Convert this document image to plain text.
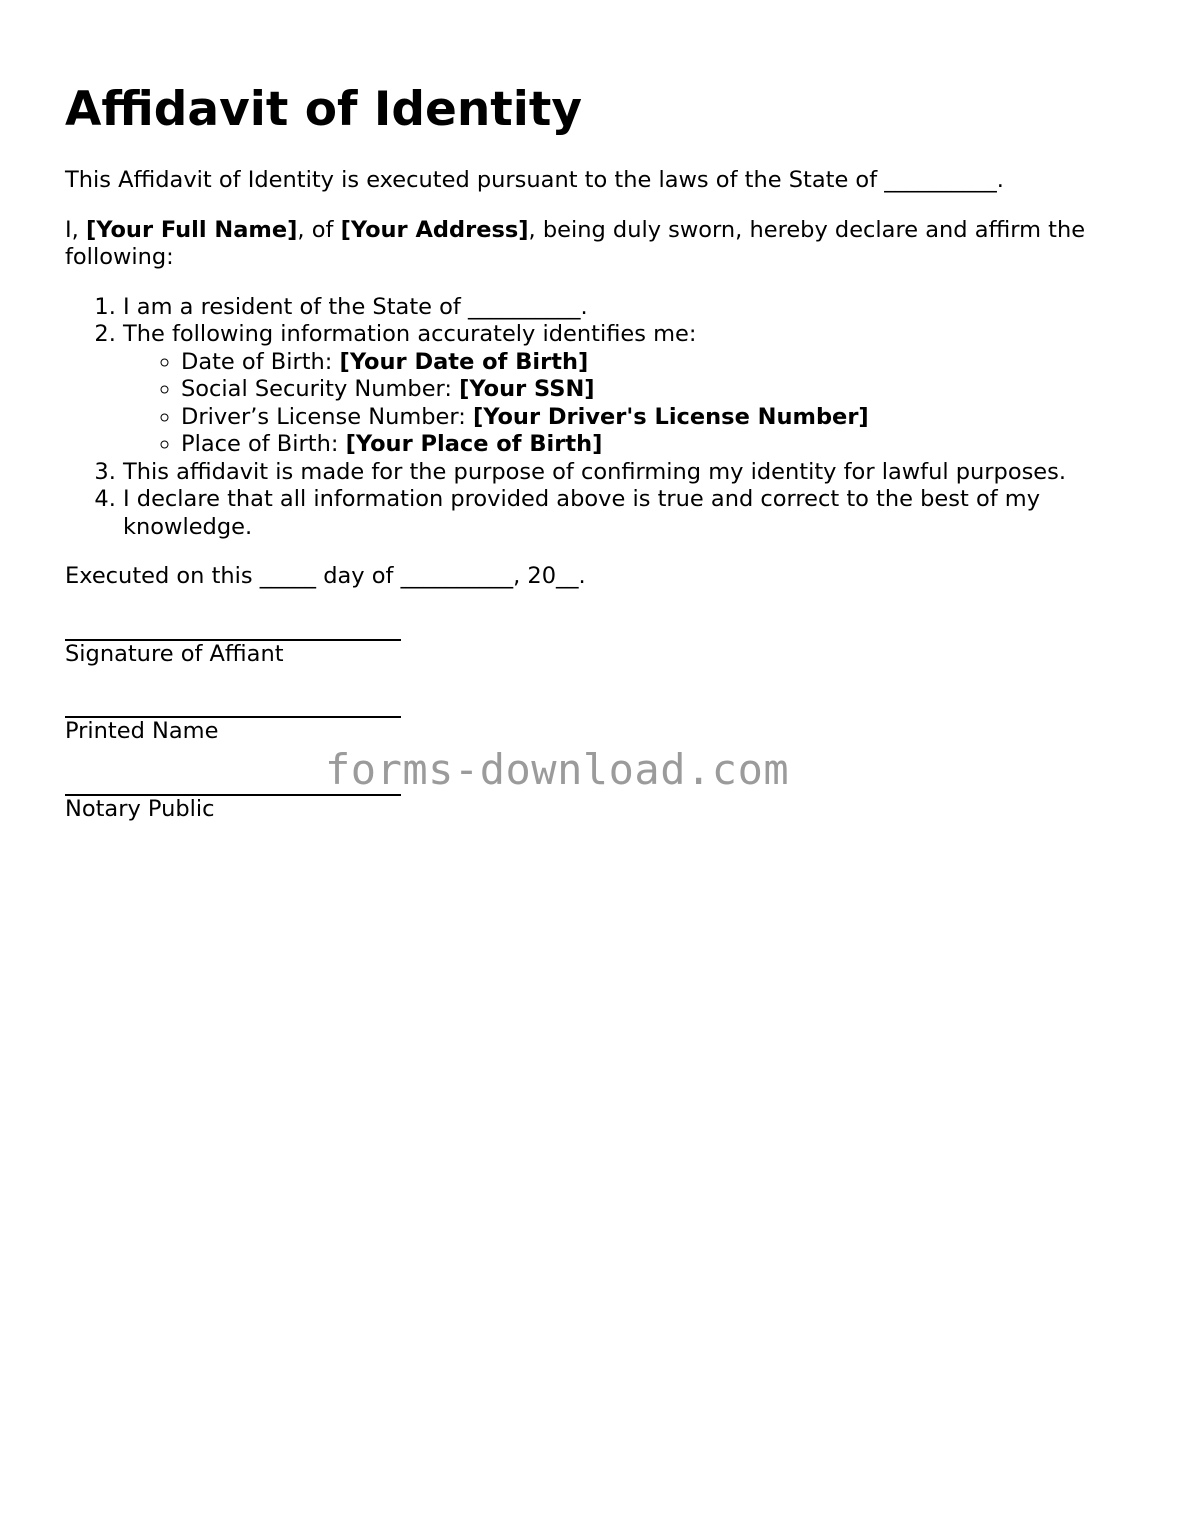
Affidavit of Identity

This Affidavit of Identity is executed pursuant to the laws of the State of __________.

I, [Your Full Name], of [Your Address], being duly sworn, hereby declare and affirm the following:

1. I am a resident of the State of __________.
2. The following information accurately identifies me:
◦ Date of Birth: [Your Date of Birth]
◦ Social Security Number: [Your SSN]
◦ Driver’s License Number: [Your Driver's License Number]
◦ Place of Birth: [Your Place of Birth]
3. This affidavit is made for the purpose of confirming my identity for lawful purposes.
4. I declare that all information provided above is true and correct to the best of my knowledge.

Executed on this _____ day of __________, 20__.

Signature of Affiant
Printed Name
Notary Public
forms-download.com
